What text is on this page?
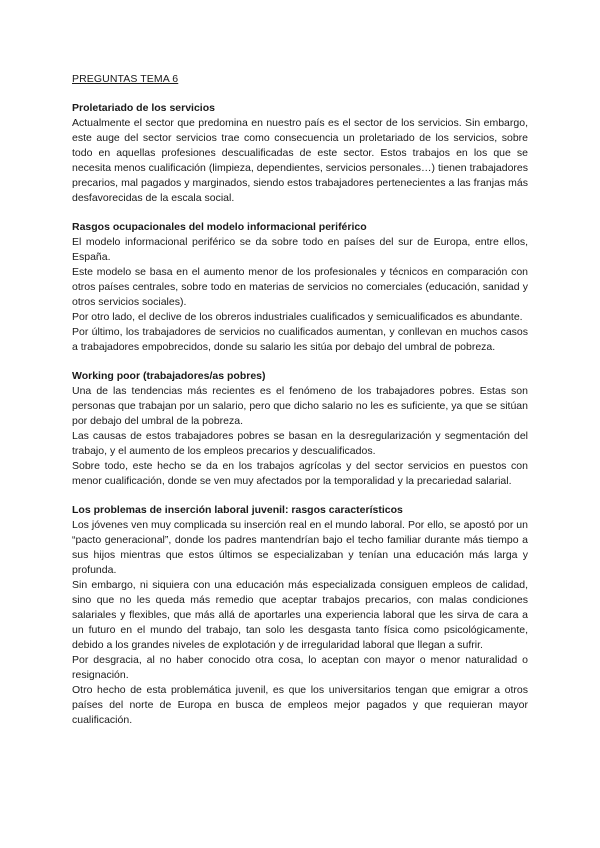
PREGUNTAS TEMA 6
Proletariado de los servicios

Actualmente el sector que predomina en nuestro país es el sector de los servicios. Sin embargo, este auge del sector servicios trae como consecuencia un proletariado de los servicios, sobre todo en aquellas profesiones descualificadas de este sector. Estos trabajos en los que se necesita menos cualificación (limpieza, dependientes, servicios personales…) tienen trabajadores precarios, mal pagados y marginados, siendo estos trabajadores pertenecientes a las franjas más desfavorecidas de la escala social.

Rasgos ocupacionales del modelo informacional periférico

El modelo informacional periférico se da sobre todo en países del sur de Europa, entre ellos, España.

Este modelo se basa en el aumento menor de los profesionales y técnicos en comparación con otros países centrales, sobre todo en materias de servicios no comerciales (educación, sanidad y otros servicios sociales).

Por otro lado, el declive de los obreros industriales cualificados y semicualificados es abundante.

Por último, los trabajadores de servicios no cualificados aumentan, y conllevan en muchos casos a trabajadores empobrecidos, donde su salario les sitúa por debajo del umbral de pobreza.

Working poor (trabajadores/as pobres)

Una de las tendencias más recientes es el fenómeno de los trabajadores pobres. Estas son personas que trabajan por un salario, pero que dicho salario no les es suficiente, ya que se sitúan por debajo del umbral de la pobreza.

Las causas de estos trabajadores pobres se basan en la desregularización y segmentación del trabajo, y el aumento de los empleos precarios y descualificados.

Sobre todo, este hecho se da en los trabajos agrícolas y del sector servicios en puestos con menor cualificación, donde se ven muy afectados por la temporalidad y la precariedad salarial.

Los problemas de inserción laboral juvenil: rasgos característicos

Los jóvenes ven muy complicada su inserción real en el mundo laboral. Por ello, se apostó por un “pacto generacional”, donde los padres mantendrían bajo el techo familiar durante más tiempo a sus hijos mientras que estos últimos se especializaban y tenían una educación más larga y profunda.

Sin embargo, ni siquiera con una educación más especializada consiguen empleos de calidad, sino que no les queda más remedio que aceptar trabajos precarios, con malas condiciones salariales y flexibles, que más allá de aportarles una experiencia laboral que les sirva de cara a un futuro en el mundo del trabajo, tan solo les desgasta tanto física como psicológicamente, debido a los grandes niveles de explotación y de irregularidad laboral que llegan a sufrir.

Por desgracia, al no haber conocido otra cosa, lo aceptan con mayor o menor naturalidad o resignación.

Otro hecho de esta problemática juvenil, es que los universitarios tengan que emigrar a otros países del norte de Europa en busca de empleos mejor pagados y que requieran mayor cualificación.
